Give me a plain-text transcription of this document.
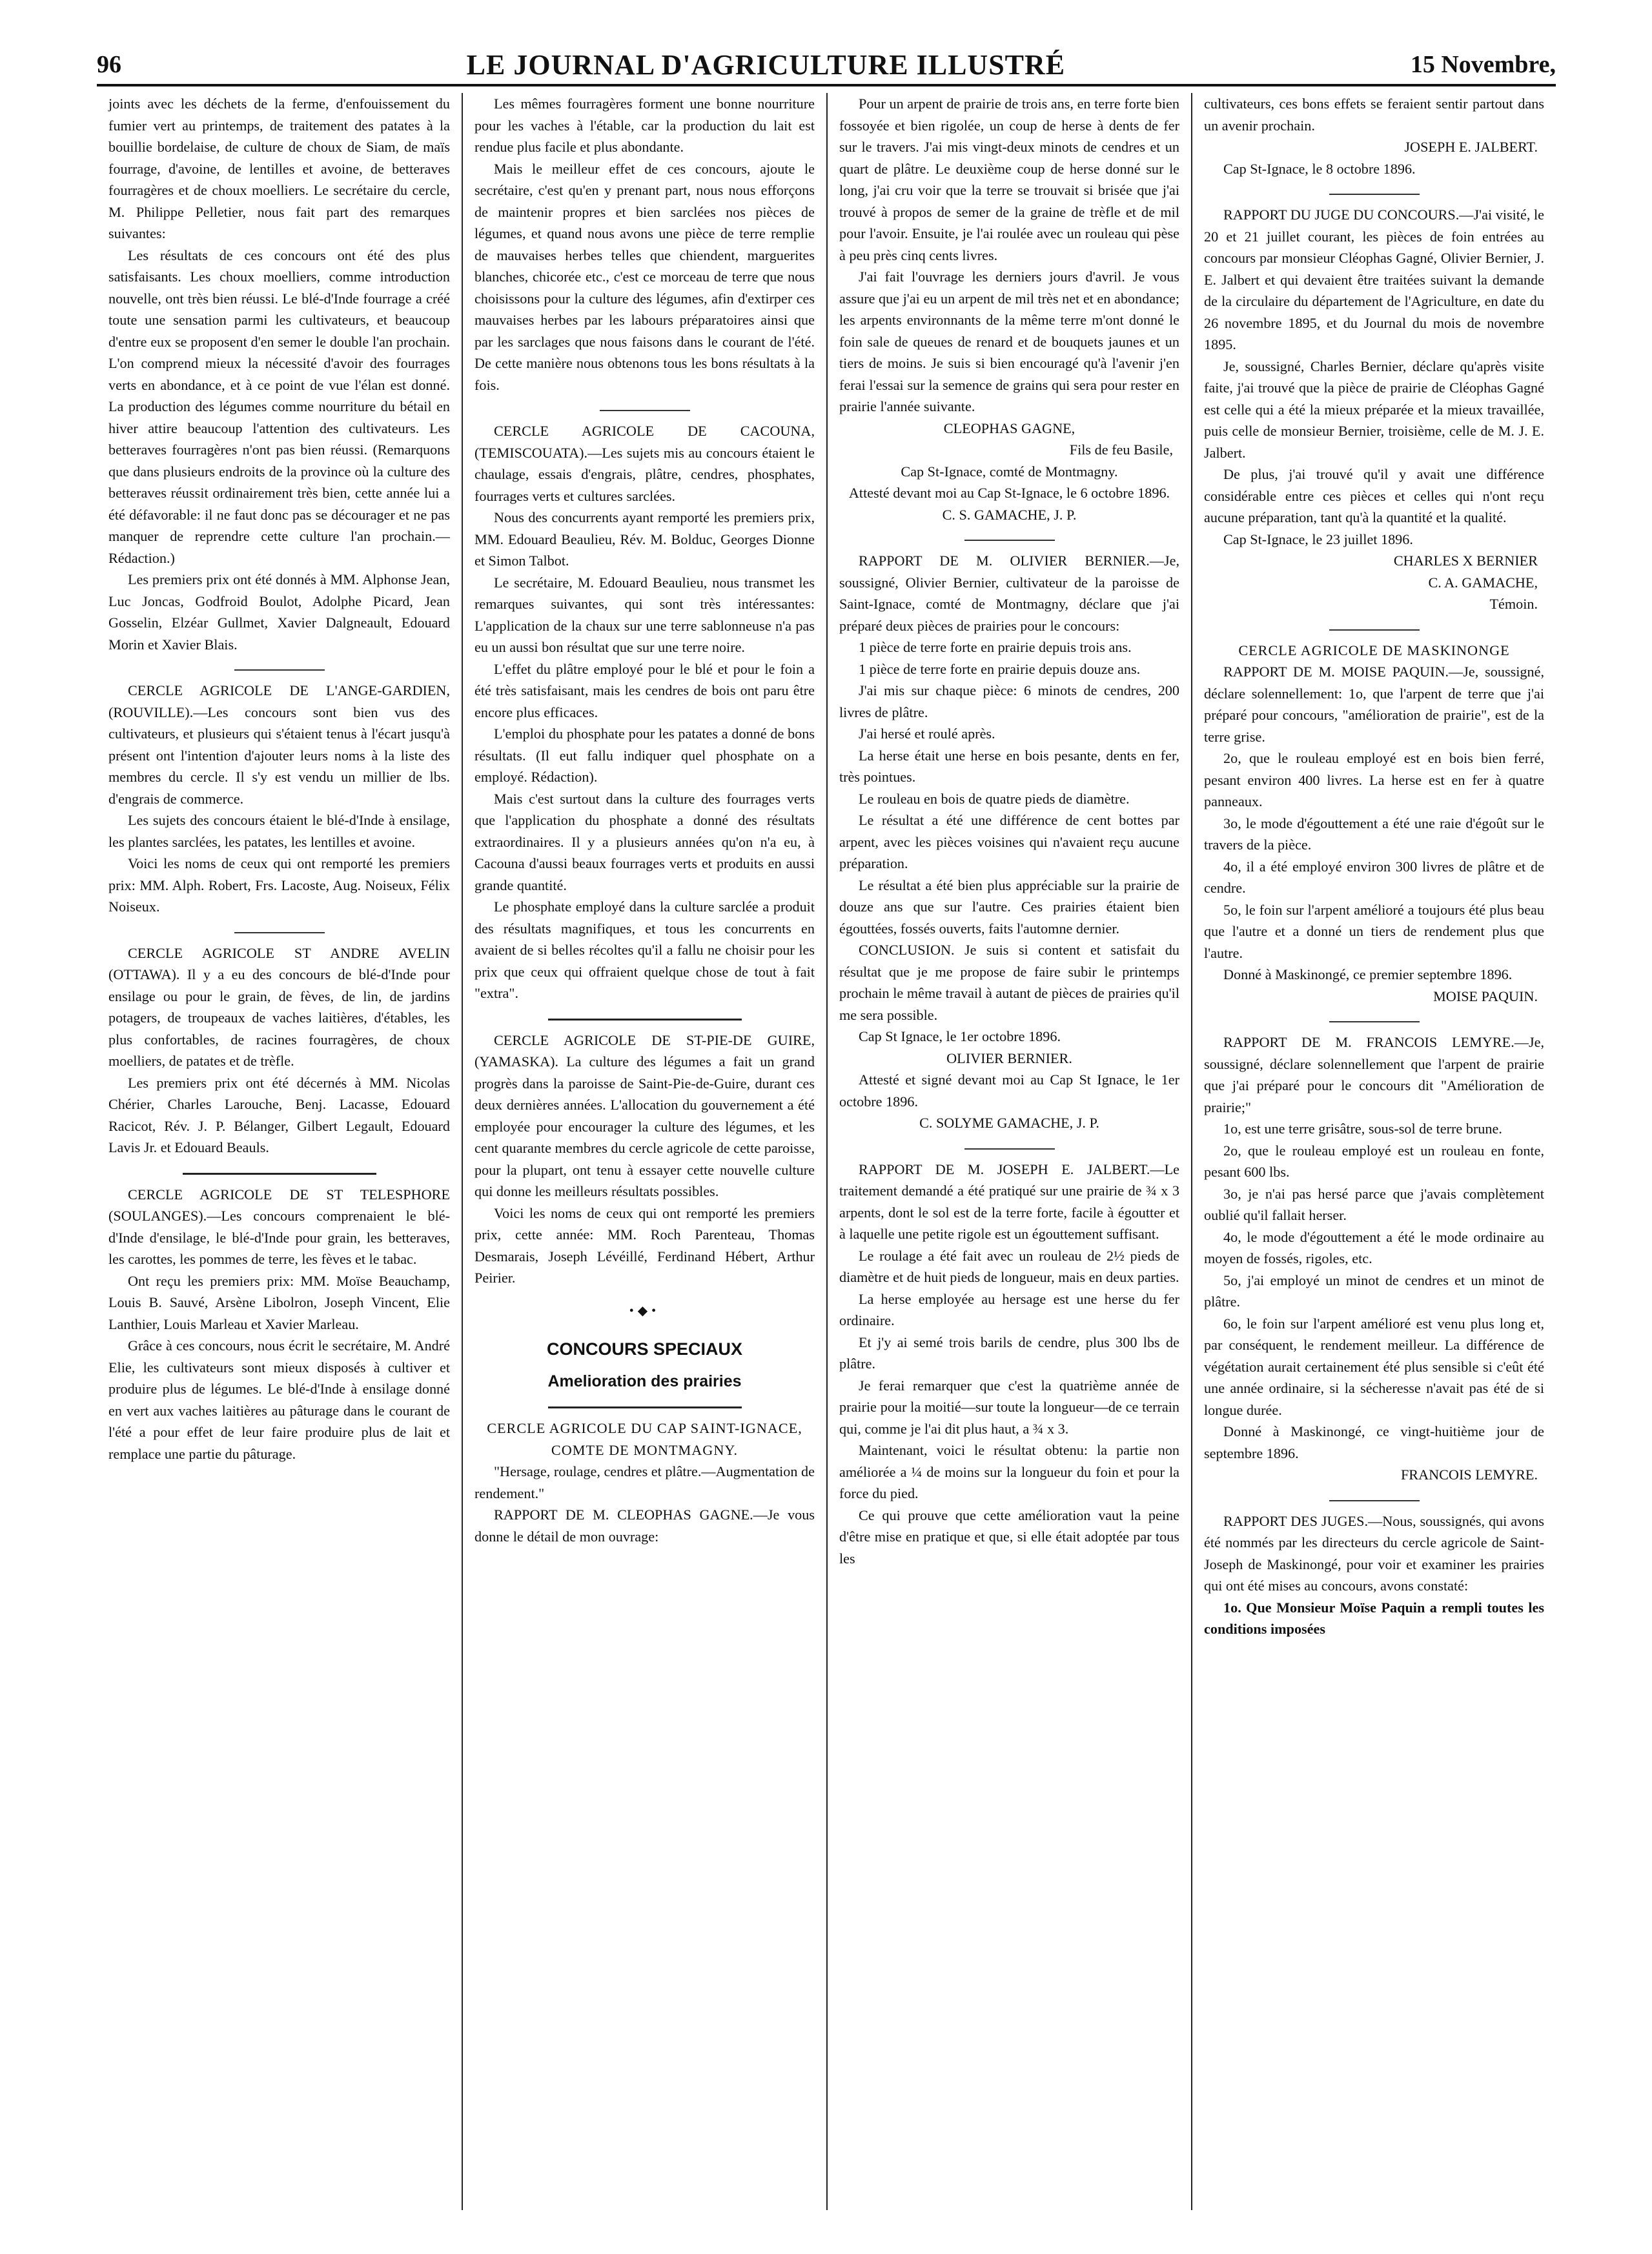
96	LE JOURNAL D'AGRICULTURE ILLUSTRÉ	15 Novembre,

joints avec les déchets de la ferme, d'enfouissement du fumier vert au printemps, de traitement des patates à la bouillie bordelaise, de culture de choux de Siam, de maïs fourrage, d'avoine, de lentilles et avoine, de betteraves fourragères et de choux moelliers. Le secrétaire du cercle, M. Philippe Pelletier, nous fait part des remarques suivantes:

Les résultats de ces concours ont été des plus satisfaisants. Les choux moelliers, comme introduction nouvelle, ont très bien réussi. Le blé-d'Inde fourrage a créé toute une sensation parmi les cultivateurs, et beaucoup d'entre eux se proposent d'en semer le double l'an prochain. L'on comprend mieux la nécessité d'avoir des fourrages verts en abondance, et à ce point de vue l'élan est donné. La production des légumes comme nourriture du bétail en hiver attire beaucoup l'attention des cultivateurs. Les betteraves fourragères n'ont pas bien réussi. (Remarquons que dans plusieurs endroits de la province où la culture des betteraves réussit ordinairement très bien, cette année lui a été défavorable: il ne faut donc pas se décourager et ne pas manquer de reprendre cette culture l'an prochain.—Rédaction.)

Les premiers prix ont été donnés à MM. Alphonse Jean, Luc Joncas, Godfroid Boulot, Adolphe Picard, Jean Gosselin, Elzéar Gullmet, Xavier Dalgneault, Edouard Morin et Xavier Blais.

CERCLE AGRICOLE DE L'ANGE-GARDIEN, (ROUVILLE).—Les concours sont bien vus des cultivateurs, et plusieurs qui s'étaient tenus à l'écart jusqu'à présent ont l'intention d'ajouter leurs noms à la liste des membres du cercle. Il s'y est vendu un millier de lbs. d'engrais de commerce.

Les sujets des concours étaient le blé-d'Inde à ensilage, les plantes sarclées, les patates, les lentilles et avoine.

Voici les noms de ceux qui ont remporté les premiers prix: MM. Alph. Robert, Frs. Lacoste, Aug. Noiseux, Félix Noiseux.

CERCLE AGRICOLE ST ANDRE AVELIN (OTTAWA). Il y a eu des concours de blé-d'Inde pour ensilage ou pour le grain, de fèves, de lin, de jardins potagers, de troupeaux de vaches laitières, d'étables, les plus confortables, de racines fourragères, de choux moelliers, de patates et de trèfle.

Les premiers prix ont été décernés à MM. Nicolas Chérier, Charles Larouche, Benj. Lacasse, Edouard Racicot, Rév. J. P. Bélanger, Gilbert Legault, Edouard Lavis Jr. et Edouard Beauls.

CERCLE AGRICOLE DE ST TELESPHORE (SOULANGES).—Les concours comprenaient le blé-d'Inde d'ensilage, le blé-d'Inde pour grain, les betteraves, les carottes, les pommes de terre, les fèves et le tabac.

Ont reçu les premiers prix: MM. Moïse Beauchamp, Louis B. Sauvé, Arsène Libolron, Joseph Vincent, Elie Lanthier, Louis Marleau et Xavier Marleau.

Grâce à ces concours, nous écrit le secrétaire, M. André Elie, les cultivateurs sont mieux disposés à cultiver et produire plus de légumes. Le blé-d'Inde à ensilage donné en vert aux vaches laitières au pâturage dans le courant de l'été a pour effet de leur faire produire plus de lait et remplace une partie du pâturage.

Les mêmes fourragères forment une bonne nourriture pour les vaches à l'étable, car la production du lait est rendue plus facile et plus abondante.

Mais le meilleur effet de ces concours, ajoute le secrétaire, c'est qu'en y prenant part, nous nous efforçons de maintenir propres et bien sarclées nos pièces de légumes, et quand nous avons une pièce de terre remplie de mauvaises herbes telles que chiendent, marguerites blanches, chicorée etc., c'est ce morceau de terre que nous choisissons pour la culture des légumes, afin d'extirper ces mauvaises herbes par les labours préparatoires ainsi que par les sarclages que nous faisons dans le courant de l'été. De cette manière nous obtenons tous les bons résultats à la fois.

CERCLE AGRICOLE DE CACOUNA, (TEMISCOUATA).—Les sujets mis au concours étaient le chaulage, essais d'engrais, plâtre, cendres, phosphates, fourrages verts et cultures sarclées.

Nous des concurrents ayant remporté les premiers prix, MM. Edouard Beaulieu, Rév. M. Bolduc, Georges Dionne et Simon Talbot.

Le secrétaire, M. Edouard Beaulieu, nous transmet les remarques suivantes, qui sont très intéressantes: L'application de la chaux sur une terre sablonneuse n'a pas eu un aussi bon résultat que sur une terre noire.

L'effet du plâtre employé pour le blé et pour le foin a été très satisfaisant, mais les cendres de bois ont paru être encore plus efficaces.

L'emploi du phosphate pour les patates a donné de bons résultats. (Il eut fallu indiquer quel phosphate on a employé. Rédaction).

Mais c'est surtout dans la culture des fourrages verts que l'application du phosphate a donné des résultats extraordinaires. Il y a plusieurs années qu'on n'a eu, à Cacouna d'aussi beaux fourrages verts et produits en aussi grande quantité.

Le phosphate employé dans la culture sarclée a produit des résultats magnifiques, et tous les concurrents en avaient de si belles récoltes qu'il a fallu ne choisir pour les prix que ceux qui offraient quelque chose de tout à fait "extra".

CERCLE AGRICOLE DE ST-PIE-DE GUIRE, (YAMASKA). La culture des légumes a fait un grand progrès dans la paroisse de Saint-Pie-de-Guire, durant ces deux dernières années. L'allocation du gouvernement a été employée pour encourager la culture des légumes, et les cent quarante membres du cercle agricole de cette paroisse, pour la plupart, ont tenu à essayer cette nouvelle culture qui donne les meilleurs résultats possibles.

Voici les noms de ceux qui ont remporté les premiers prix, cette année: MM. Roch Parenteau, Thomas Desmarais, Joseph Lévéillé, Ferdinand Hébert, Arthur Peirier.

•◆•
CONCOURS SPECIAUX
Amelioration des prairies

CERCLE AGRICOLE DU CAP SAINT-IGNACE, COMTE DE MONTMAGNY.

"Hersage, roulage, cendres et plâtre.—Augmentation de rendement."

RAPPORT DE M. CLEOPHAS GAGNE.—Je vous donne le détail de mon ouvrage:

Pour un arpent de prairie de trois ans, en terre forte bien fossoyée et bien rigolée, un coup de herse à dents de fer sur le travers. J'ai mis vingt-deux minots de cendres et un quart de plâtre. Le deuxième coup de herse donné sur le long, j'ai cru voir que la terre se trouvait si brisée que j'ai trouvé à propos de semer de la graine de trèfle et de mil pour l'avoir. Ensuite, je l'ai roulée avec un rouleau qui pèse à peu près cinq cents livres.

J'ai fait l'ouvrage les derniers jours d'avril. Je vous assure que j'ai eu un arpent de mil très net et en abondance; les arpents environnants de la même terre m'ont donné le foin sale de queues de renard et de bouquets jaunes et un tiers de moins. Je suis si bien encouragé qu'à l'avenir j'en ferai l'essai sur la semence de grains qui sera pour rester en prairie l'année suivante.

CLEOPHAS GAGNE,

Fils de feu Basile,

Cap St-Ignace, comté de Montmagny.

Attesté devant moi au Cap St-Ignace, le 6 octobre 1896.

C. S. GAMACHE, J. P.

RAPPORT DE M. OLIVIER BERNIER.—Je, soussigné, Olivier Bernier, cultivateur de la paroisse de Saint-Ignace, comté de Montmagny, déclare que j'ai préparé deux pièces de prairies pour le concours:

1 pièce de terre forte en prairie depuis trois ans.

1 pièce de terre forte en prairie depuis douze ans.

J'ai mis sur chaque pièce: 6 minots de cendres, 200 livres de plâtre.

J'ai hersé et roulé après.

La herse était une herse en bois pesante, dents en fer, très pointues.

Le rouleau en bois de quatre pieds de diamètre.

Le résultat a été une différence de cent bottes par arpent, avec les pièces voisines qui n'avaient reçu aucune préparation.

Le résultat a été bien plus appréciable sur la prairie de douze ans que sur l'autre. Ces prairies étaient bien égouttées, fossés ouverts, faits l'automne dernier.

CONCLUSION. Je suis si content et satisfait du résultat que je me propose de faire subir le printemps prochain le même travail à autant de pièces de prairies qu'il me sera possible.

Cap St Ignace, le 1er octobre 1896.

OLIVIER BERNIER.

Attesté et signé devant moi au Cap St Ignace, le 1er octobre 1896.

C. SOLYME GAMACHE, J. P.

RAPPORT DE M. JOSEPH E. JALBERT.—Le traitement demandé a été pratiqué sur une prairie de ¾ x 3 arpents, dont le sol est de la terre forte, facile à égoutter et à laquelle une petite rigole est un égouttement suffisant.

Le roulage a été fait avec un rouleau de 2½ pieds de diamètre et de huit pieds de longueur, mais en deux parties.

La herse employée au hersage est une herse du fer ordinaire.

Et j'y ai semé trois barils de cendre, plus 300 lbs de plâtre.

Je ferai remarquer que c'est la quatrième année de prairie pour la moitié—sur toute la longueur—de ce terrain qui, comme je l'ai dit plus haut, a ¾ x 3.

Maintenant, voici le résultat obtenu: la partie non améliorée a ¼ de moins sur la longueur du foin et pour la force du pied.

Ce qui prouve que cette amélioration vaut la peine d'être mise en pratique et que, si elle était adoptée par tous les

cultivateurs, ces bons effets se feraient sentir partout dans un avenir prochain.

JOSEPH E. JALBERT.

Cap St-Ignace, le 8 octobre 1896.

RAPPORT DU JUGE DU CONCOURS.—J'ai visité, le 20 et 21 juillet courant, les pièces de foin entrées au concours par monsieur Cléophas Gagné, Olivier Bernier, J. E. Jalbert et qui devaient être traitées suivant la demande de la circulaire du département de l'Agriculture, en date du 26 novembre 1895, et du Journal du mois de novembre 1895.

Je, soussigné, Charles Bernier, déclare qu'après visite faite, j'ai trouvé que la pièce de prairie de Cléophas Gagné est celle qui a été la mieux préparée et la mieux travaillée, puis celle de monsieur Bernier, troisième, celle de M. J. E. Jalbert.

De plus, j'ai trouvé qu'il y avait une différence considérable entre ces pièces et celles qui n'ont reçu aucune préparation, tant qu'à la quantité et la qualité.

Cap St-Ignace, le 23 juillet 1896.

CHARLES X BERNIER

C. A. GAMACHE,

Témoin.

CERCLE AGRICOLE DE MASKINONGE

RAPPORT DE M. MOISE PAQUIN.—Je, soussigné, déclare solennellement: 1o, que l'arpent de terre que j'ai préparé pour concours, "amélioration de prairie", est de la terre grise.

2o, que le rouleau employé est en bois bien ferré, pesant environ 400 livres. La herse est en fer à quatre panneaux.

3o, le mode d'égouttement a été une raie d'égoût sur le travers de la pièce.

4o, il a été employé environ 300 livres de plâtre et de cendre.

5o, le foin sur l'arpent amélioré a toujours été plus beau que l'autre et a donné un tiers de rendement plus que l'autre.

Donné à Maskinongé, ce premier septembre 1896.

MOISE PAQUIN.

RAPPORT DE M. FRANCOIS LEMYRE.—Je, soussigné, déclare solennellement que l'arpent de prairie que j'ai préparé pour le concours dit "Amélioration de prairie;"

1o, est une terre grisâtre, sous-sol de terre brune.

2o, que le rouleau employé est un rouleau en fonte, pesant 600 lbs.

3o, je n'ai pas hersé parce que j'avais complètement oublié qu'il fallait herser.

4o, le mode d'égouttement a été le mode ordinaire au moyen de fossés, rigoles, etc.

5o, j'ai employé un minot de cendres et un minot de plâtre.

6o, le foin sur l'arpent amélioré est venu plus long et, par conséquent, le rendement meilleur. La différence de végétation aurait certainement été plus sensible si c'eût été une année ordinaire, si la sécheresse n'avait pas été de si longue durée.

Donné à Maskinongé, ce vingt-huitième jour de septembre 1896.

FRANCOIS LEMYRE.

RAPPORT DES JUGES.—Nous, soussignés, qui avons été nommés par les directeurs du cercle agricole de Saint-Joseph de Maskinongé, pour voir et examiner les prairies qui ont été mises au concours, avons constaté:

1o. Que Monsieur Moïse Paquin a rempli toutes les conditions imposées
